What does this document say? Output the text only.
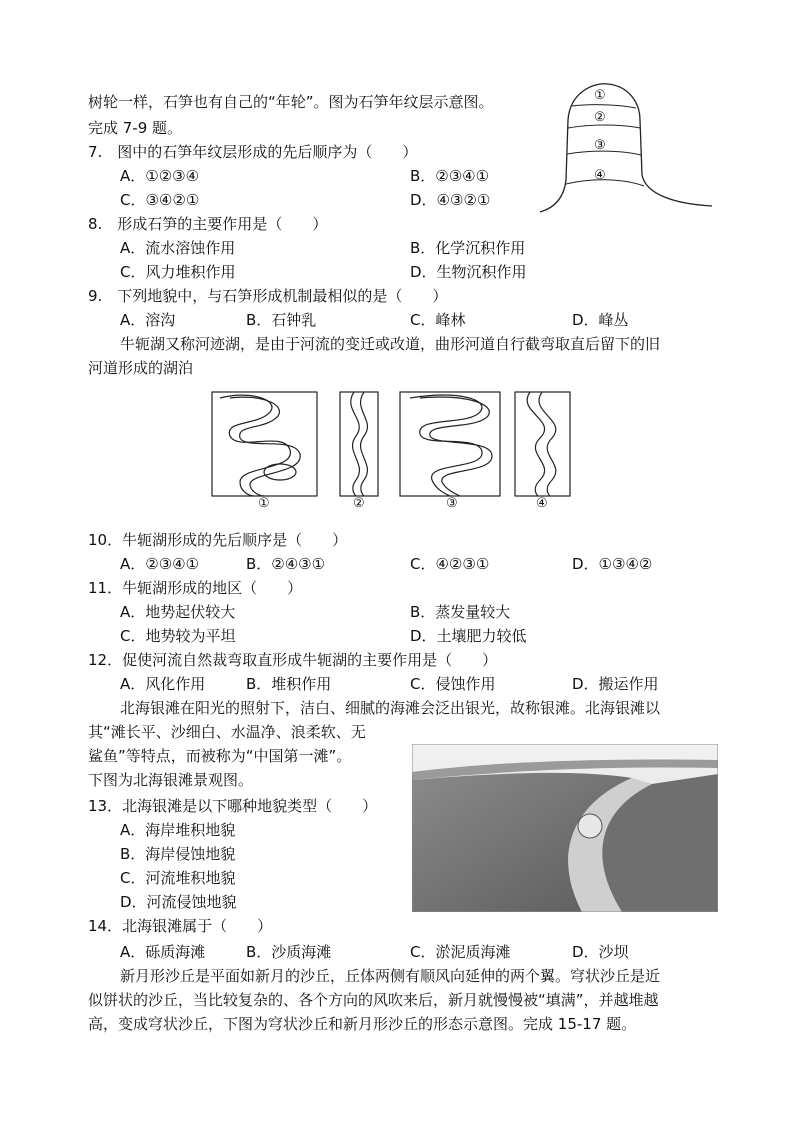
树轮一样，石笋也有自己的“年轮”。图为石笋年纹层示意图。
完成 7-9 题。
①
②
③
④
7.　图中的石笋年纹层形成的先后顺序为（　　）
A．①②③④	B．②③④①
C．③④②①	D．④③②①
8.　形成石笋的主要作用是（　　）
A．流水溶蚀作用	B．化学沉积作用
C．风力堆积作用	D．生物沉积作用
9.　下列地貌中，与石笋形成机制最相似的是（　　）
A．溶沟	B．石钟乳	C．峰林	D．峰丛
牛轭湖又称河迹湖，是由于河流的变迁或改道，曲形河道自行截弯取直后留下的旧
河道形成的湖泊
①	②	③	④
10．牛轭湖形成的先后顺序是（　　）
A．②③④①	B．②④③①	C．④②③①	D．①③④②
11．牛轭湖形成的地区（　　）
A．地势起伏较大	B．蒸发量较大
C．地势较为平坦	D．土壤肥力较低
12．促使河流自然裁弯取直形成牛轭湖的主要作用是（　　）
A．风化作用	B．堆积作用	C．侵蚀作用	D．搬运作用
北海银滩在阳光的照射下，洁白、细腻的海滩会泛出银光，故称银滩。北海银滩以
其“滩长平、沙细白、水温净、浪柔软、无
鲨鱼”等特点，而被称为“中国第一滩”。
下图为北海银滩景观图。
13．北海银滩是以下哪种地貌类型（　　）
A．海岸堆积地貌
B．海岸侵蚀地貌
C．河流堆积地貌
D．河流侵蚀地貌
14．北海银滩属于（　　）
A．砾质海滩	B．沙质海滩	C．淤泥质海滩	D．沙坝
新月形沙丘是平面如新月的沙丘，丘体两侧有顺风向延伸的两个翼。穹状沙丘是近
似饼状的沙丘，当比较复杂的、各个方向的风吹来后，新月就慢慢被“填满”，并越堆越
高，变成穹状沙丘，下图为穹状沙丘和新月形沙丘的形态示意图。完成 15-17 题。
